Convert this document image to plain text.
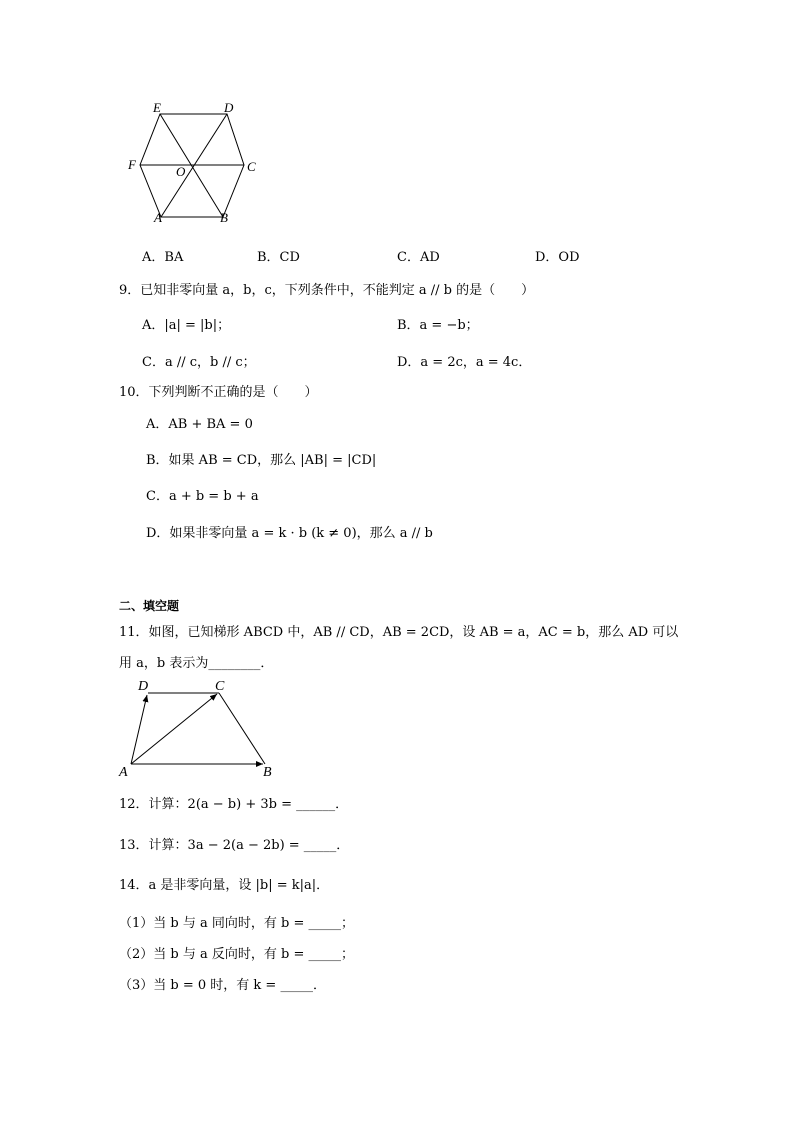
E	D
F	O	C
A	B
A．BA	B．CD	C．AD	D．OD
9．已知非零向量 a，b，c，下列条件中，不能判定 a // b 的是（　　）
A．|a| = |b|；	B．a = −b；
C．a // c，b // c；	D．a = 2c，a = 4c．
10．下列判断不正确的是（　　）
A．AB + BA = 0
B．如果 AB = CD，那么 |AB| = |CD|
C．a + b = b + a
D．如果非零向量 a = k · b (k ≠ 0)，那么 a // b
二、填空题
11．如图，已知梯形 ABCD 中，AB // CD，AB = 2CD，设 AB = a，AC = b，那么 AD 可以
用 a，b 表示为________．
D	C
A	B
12．计算：2(a − b) + 3b = ______．
13．计算：3a − 2(a − 2b) = _____．
14．a 是非零向量，设 |b| = k|a|．
（1）当 b 与 a 同向时，有 b = _____；
（2）当 b 与 a 反向时，有 b = _____；
（3）当 b = 0 时，有 k = _____．
